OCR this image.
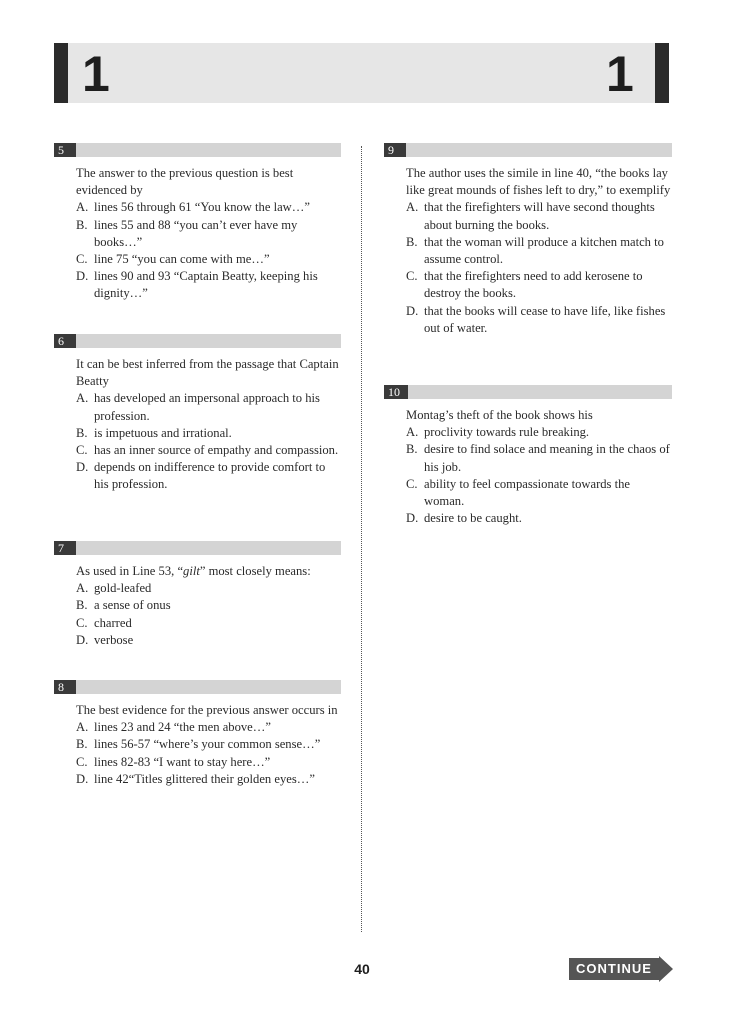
1	1
5

The answer to the previous question is best evidenced by

A. lines 56 through 61 “You know the law…”
B. lines 55 and 88 “you can’t ever have my books…”
C. line 75 “you can come with me…”
D. lines 90 and 93 “Captain Beatty, keeping his dignity…”
6

It can be best inferred from the passage that Captain Beatty

A. has developed an impersonal approach to his profession.
B. is impetuous and irrational.
C. has an inner source of empathy and compassion.
D. depends on indifference to provide comfort to his profession.
7

As used in Line 53, “gilt” most closely means:

A. gold-leafed
B. a sense of onus
C. charred
D. verbose
8

The best evidence for the previous answer occurs in

A. lines 23 and 24 “the men above…”
B. lines 56-57 “where’s your common sense…”
C. lines 82-83 “I want to stay here…”
D. line 42“Titles glittered their golden eyes…”
9

The author uses the simile in line 40, “the books lay like great mounds of fishes left to dry,” to exemplify

A. that the firefighters will have second thoughts about burning the books.
B. that the woman will produce a kitchen match to assume control.
C. that the firefighters need to add kerosene to destroy the books.
D. that the books will cease to have life, like fishes out of water.
10

Montag’s theft of the book shows his

A. proclivity towards rule breaking.
B. desire to find solace and meaning in the chaos of his job.
C. ability to feel compassionate towards the woman.
D. desire to be caught.
40	CONTINUE
